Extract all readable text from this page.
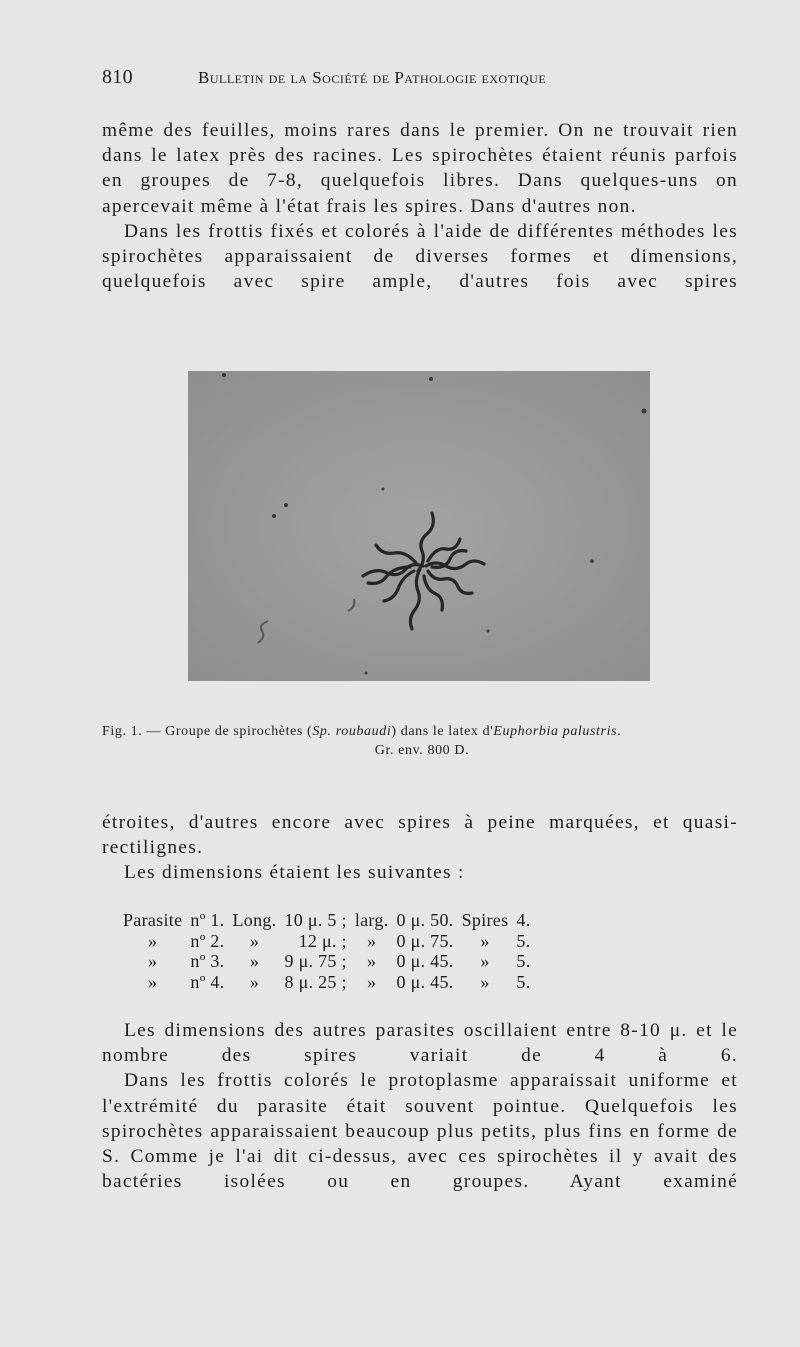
810	Bulletin de la Société de Pathologie exotique

même des feuilles, moins rares dans le premier. On ne trouvait rien dans le latex près des racines. Les spirochètes étaient réunis parfois en groupes de 7-8, quelquefois libres. Dans quelques-uns on apercevait même à l'état frais les spires. Dans d'autres non.

Dans les frottis fixés et colorés à l'aide de différentes méthodes les spirochètes apparaissaient de diverses formes et dimensions, quelquefois avec spire ample, d'autres fois avec spires

Fig. 1. — Groupe de spirochètes (Sp. roubaudi) dans le latex d'Euphorbia palustris.
Gr. env. 800 D.

étroites, d'autres encore avec spires à peine marquées, et quasi-rectilignes.

Les dimensions étaient les suivantes :

Parasite	nº 1.	Long.	10 μ. 5 ;	larg.	0 μ. 50.	Spires	4.
»	nº 2.	»	12 μ. ;	»	0 μ. 75.	»	5.
»	nº 3.	»	9 μ. 75 ;	»	0 μ. 45.	»	5.
»	nº 4.	»	8 μ. 25 ;	»	0 μ. 45.	»	5.

Les dimensions des autres parasites oscillaient entre 8-10 μ. et le nombre des spires variait de 4 à 6.

Dans les frottis colorés le protoplasme apparaissait uniforme et l'extrémité du parasite était souvent pointue. Quelquefois les spirochètes apparaissaient beaucoup plus petits, plus fins en forme de S. Comme je l'ai dit ci-dessus, avec ces spirochètes il y avait des bactéries isolées ou en groupes. Ayant examiné
